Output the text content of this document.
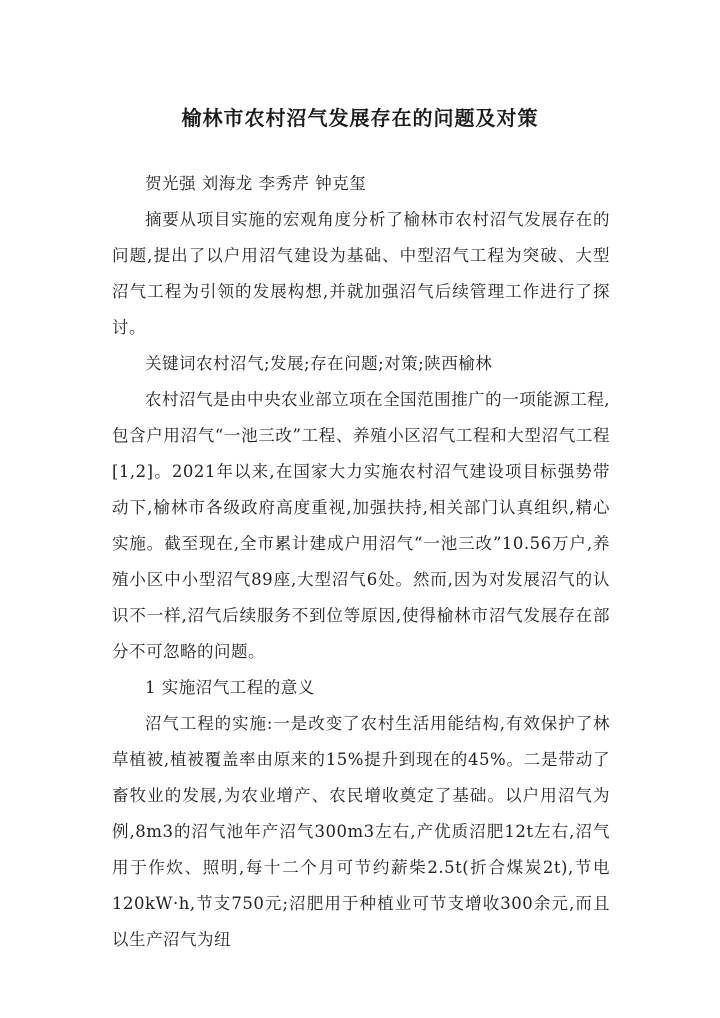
榆林市农村沼气发展存在的问题及对策

贺光强 刘海龙 李秀芹 钟克玺

摘要从项目实施的宏观角度分析了榆林市农村沼气发展存在的问题,提出了以户用沼气建设为基础、中型沼气工程为突破、大型沼气工程为引领的发展构想,并就加强沼气后续管理工作进行了探讨。

关键词农村沼气;发展;存在问题;对策;陕西榆林

农村沼气是由中央农业部立项在全国范围推广的一项能源工程,包含户用沼气“一池三改”工程、养殖小区沼气工程和大型沼气工程[1,2]。2021年以来,在国家大力实施农村沼气建设项目标强势带动下,榆林市各级政府高度重视,加强扶持,相关部门认真组织,精心实施。截至现在,全市累计建成户用沼气“一池三改”10.56万户,养殖小区中小型沼气89座,大型沼气6处。然而,因为对发展沼气的认识不一样,沼气后续服务不到位等原因,使得榆林市沼气发展存在部分不可忽略的问题。

1 实施沼气工程的意义

沼气工程的实施:一是改变了农村生活用能结构,有效保护了林草植被,植被覆盖率由原来的15%提升到现在的45%。二是带动了畜牧业的发展,为农业增产、农民增收奠定了基础。以户用沼气为例,8m3的沼气池年产沼气300m3左右,产优质沼肥12t左右,沼气用于作炊、照明,每十二个月可节约薪柴2.5t(折合煤炭2t),节电120kW·h,节支750元;沼肥用于种植业可节支增收300余元,而且以生产沼气为纽
